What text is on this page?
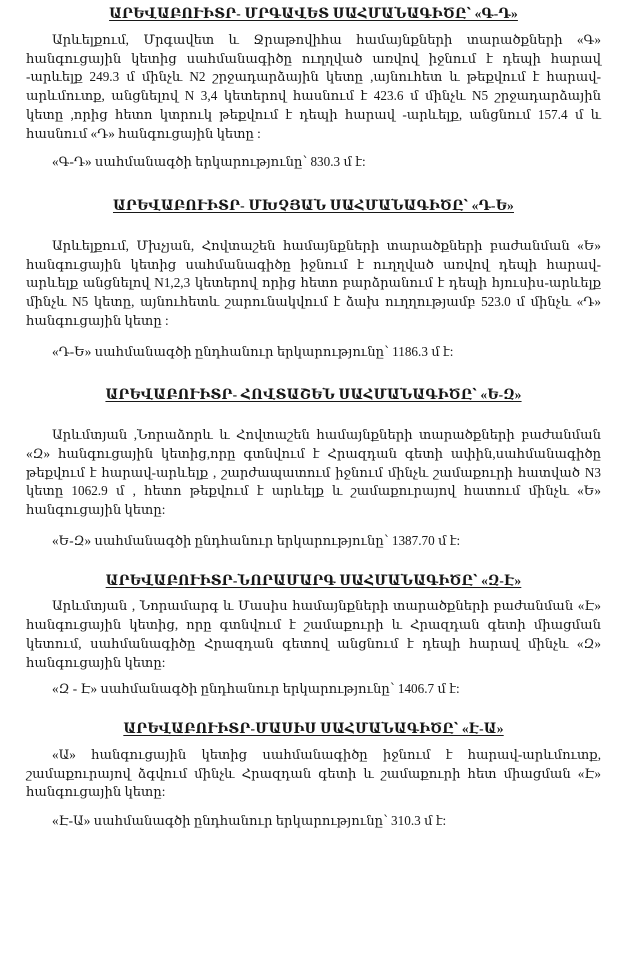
ԱՐԵՎԱԲՈՒԻՏՐ- ՄՐԳԱՎԵՏ ՍԱՀՄԱՆԱԳԻԾԸ՝ «Գ-Դ»

Արևելքում, Մրգավետ և Ջրաթովիհա համայնքների տարածքների «Գ» հանգուցային կետից սահմանագիծը ուղղված առվով իջնում է դեպի հարավ -արևելք 249.3 մ մինչև N2 շրջադարձային կետը ,այնուհետ և թեքվում է հարավ-արևմուտք, անցնելով N 3,4 կետերով հասնում է 423.6 մ մինչև N5 շրջադարձային կետը ,որից հետո կտրուկ թեքվում է դեպի հարավ -արևելք, անցնում 157.4 մ և հասնում «Դ» հանգուցային կետը :

«Գ-Դ» սահմանագծի երկարությունը՝ 830.3 մ է:

ԱՐԵՎԱԲՈՒԻՏՐ- ՄԽՉՅԱՆ ՍԱՀՄԱՆԱԳԻԾԸ՝ «Դ-Ե»

Արևելքում, Մխչյան, Հովտաշեն համայնքների տարածքների բաժանման «Ե» հանգուցային կետից սահմանագիծը իջնում է ուղղված առվով դեպի հարավ-արևելք անցնելով N1,2,3 կետերով որից հետո բարձրանում է դեպի հյուսիս-արևելք մինչև N5 կետը, այնուհետև շարունակվում է ձախ ուղղությամբ 523.0 մ մինչև «Դ» հանգուցային կետը :

«Դ-Ե» սահմանագծի ընդհանուր երկարությունը՝ 1186.3 մ է:

ԱՐԵՎԱԲՈՒԻՏՐ- ՀՈՎՏԱՇԵՆ ՍԱՀՄԱՆԱԳԻԾԸ՝ «Ե-Զ»

Արևմտյան ,Նորաձորև և Հովտաշեն համայնքների տարածքների բաժանման «Զ» հանգուցային կետից,որը գտնվում է Հրազդան գետի ափին,սահմանագիծը թեքվում է հարավ-արևելք , շարժապատում իջնում մինչև շամաքուրի հատված N3 կետը 1062.9 մ , հետո թեքվում է արևելք և շամաքուրայով հատում մինչև «Ե» հանգուցային կետը:

«Ե-Զ» սահմանագծի ընդհանուր երկարությունը՝ 1387.70 մ է:

ԱՐԵՎԱԲՈՒԻՏՐ-ՆՈՐԱՄԱՐԳ ՍԱՀՄԱՆԱԳԻԾԸ՝ «Զ-Է»

Արևմտյան , Նորամարգ և Մասիս համայնքների տարածքների բաժանման «Է» հանգուցային կետից, որը գտնվում է շամաքուրի և Հրազդան գետի միացման կետում, սահմանագիծը Հրազդան գետով անցնում է դեպի հարավ մինչև «Զ» հանգուցային կետը:

«Զ - Է» սահմանագծի ընդհանուր երկարությունը՝ 1406.7 մ է:

ԱՐԵՎԱԲՈՒԻՏՐ-ՄԱՍԻՍ ՍԱՀՄԱՆԱԳԻԾԸ՝ «Է-Ա»

«Ա» հանգուցային կետից սահմանագիծը իջնում է հարավ-արևմուտք, շամաքուրայով ձգվում մինչև Հրազդան գետի և շամաքուրի հետ միացման «Է» հանգուցային կետը:

«Է-Ա» սահմանագծի ընդհանուր երկարությունը՝ 310.3 մ է:
